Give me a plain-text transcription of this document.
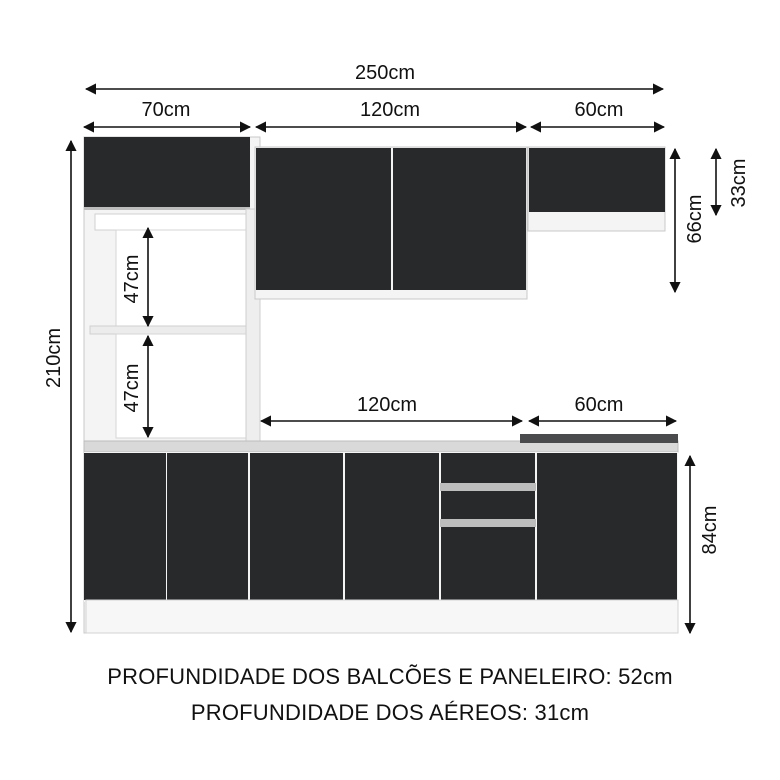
250cm
70cm	120cm	60cm
210cm
47cm
47cm
66cm
33cm
120cm	60cm
84cm
PROFUNDIDADE DOS BALCÕES E PANELEIRO: 52cm
PROFUNDIDADE DOS AÉREOS: 31cm
